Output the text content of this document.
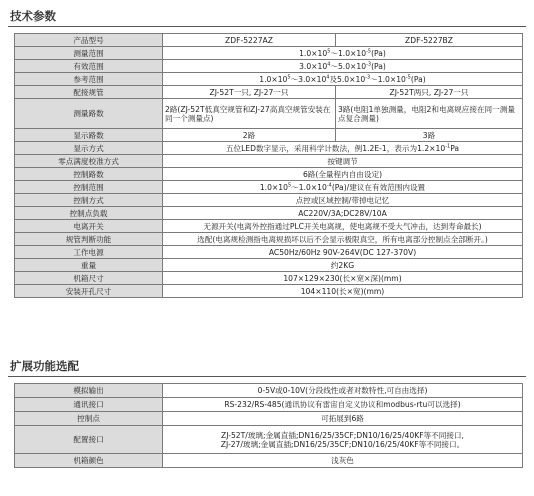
技术参数
产品型号	ZDF-5227AZ	ZDF-5227BZ
测量范围	$1.0\times 10^5\sim 1.0\times 10^{-5}(Pa)$	
有效范围	$3.0\times 10^4\sim 5.0\times 10^{-3}(Pa)$	
参考范围	$1.0\times 10^5\sim 3.0\times 10^4$及$5.0\times 10^{-3}\sim 1.0\times 10^{-5}(Pa)$	
配接规管	ZJ-52T一只, ZJ-27一只	ZJ-52T两只, ZJ-27一只
测量路数	2路(ZJ-52T低真空规管和ZJ-27高真空规管安装在同一个测量点)	3路(电阻1单独测量，电阻2和电离规应接在同一测量点复合测量)
显示路数	2路	3路
显示方式	五位LED数字显示，采用科学计数法，例1.2E-1，表示为$1.2\times 10^{-1}Pa$	
零点满度校准方式	按键调节	
控制路数	6路(全量程内自由设定)	
控制范围	$1.0\times 10^5\sim 1.0\times 10^{-4}(Pa)/$建议在有效范围内设置	
控制方式	点控或区域控制/带掉电记忆	
控制点负载	AC220V/3A;DC28V/10A	
电离开关	无源开关(电离外控指通过PLC开关电离规，使电离规不受大气冲击，达到寿命最长)	
规管判断功能	选配(电离规检测指电离规损坏以后不会显示极限真空，所有电离部分控制点全部断开。)	
工作电源	AC50Hz/60Hz 90V-264V(DC 127-370V)	
重量	约2KG	
机箱尺寸	107×129×230(长×宽×深)(mm)	
安装开孔尺寸	104×110(长×宽)(mm)	
扩展功能选配
模拟输出	0-5V或0-10V(分段线性或者对数特性,可自由选择)
通讯接口	RS-232/RS-485(通讯协议有雷宙自定义协议和modbus-rtu可以选择)
控制点	可拓展到6路
配置接口	ZJ-52T/玻璃;金属直插;DN16/25/35CF;DN10/16/25/40KF等不同接口,
ZJ-27/玻璃;金属直插;DN16/25/35CF;DN10/16/25/40KF等不同接口。

机箱颜色	浅灰色
